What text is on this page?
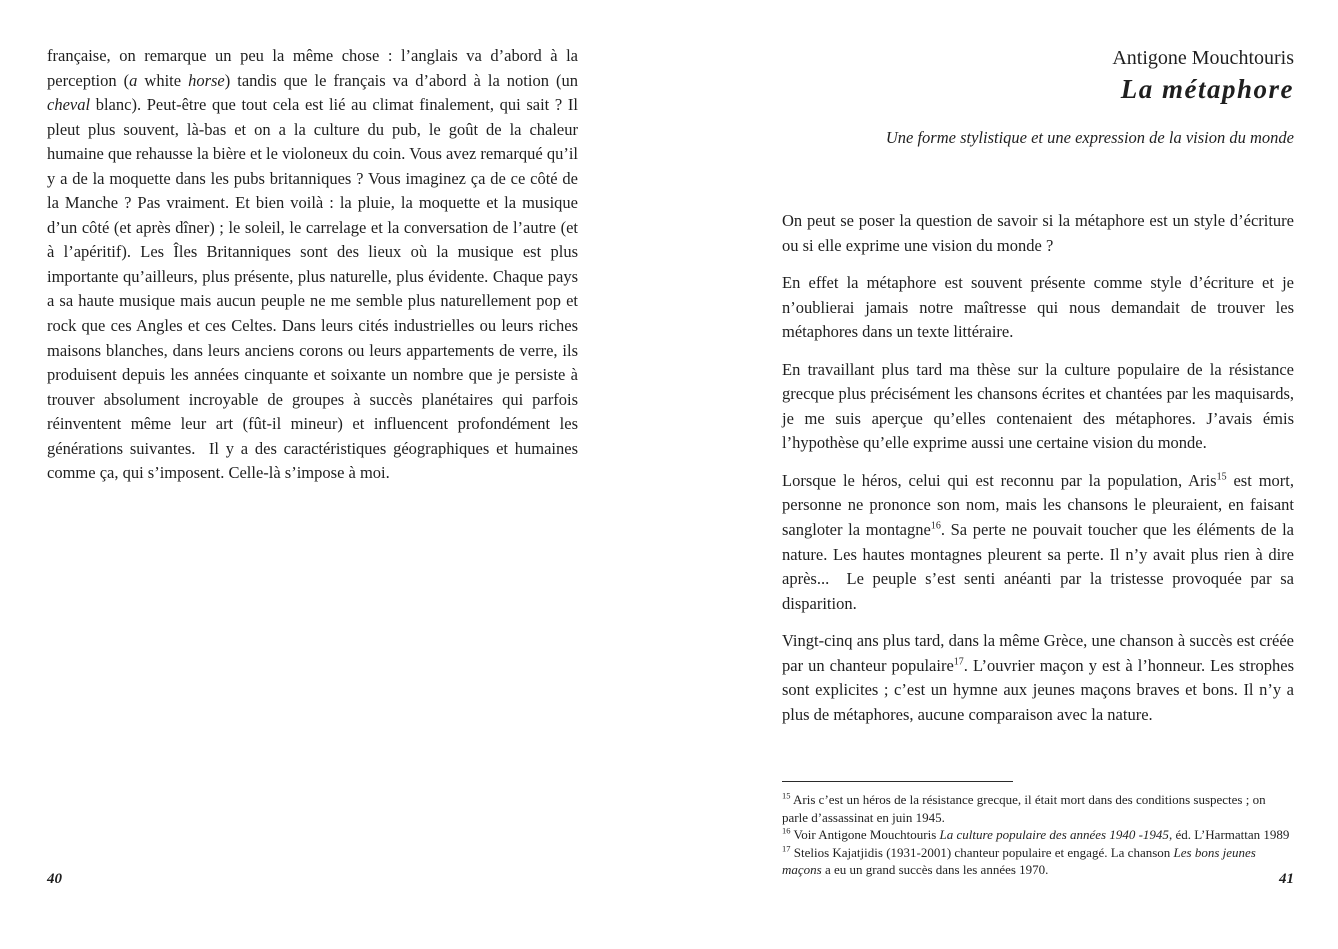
française, on remarque un peu la même chose : l’anglais va d’abord à la perception (a white horse) tandis que le français va d’abord à la notion (un cheval blanc). Peut-être que tout cela est lié au climat finalement, qui sait ? Il pleut plus souvent, là-bas et on a la culture du pub, le goût de la chaleur humaine que rehausse la bière et le violoneux du coin. Vous avez remarqué qu’il y a de la moquette dans les pubs britanniques ? Vous imaginez ça de ce côté de la Manche ? Pas vraiment. Et bien voilà : la pluie, la moquette et la musique d’un côté (et après dîner) ; le soleil, le carrelage et la conversation de l’autre (et à l’apéritif). Les Îles Britanniques sont des lieux où la musique est plus importante qu’ailleurs, plus présente, plus naturelle, plus évidente. Chaque pays a sa haute musique mais aucun peuple ne me semble plus naturellement pop et rock que ces Angles et ces Celtes. Dans leurs cités industrielles ou leurs riches maisons blanches, dans leurs anciens corons ou leurs appartements de verre, ils produisent depuis les années cinquante et soixante un nombre que je persiste à trouver absolument incroyable de groupes à succès planétaires qui parfois réinventent même leur art (fût-il mineur) et influencent profondément les générations suivantes.  Il y a des caractéristiques géographiques et humaines comme ça, qui s’imposent. Celle-là s’impose à moi.
40
Antigone Mouchtouris
La métaphore
Une forme stylistique et une expression de la vision du monde

On peut se poser la question de savoir si la métaphore est un style d’écriture ou si elle exprime une vision du monde ?

En effet la métaphore est souvent présente comme style d’écriture et je n’oublierai jamais notre maîtresse qui nous demandait de trouver les métaphores dans un texte littéraire.

En travaillant plus tard ma thèse sur la culture populaire de la résistance grecque plus précisément les chansons écrites et chantées par les maquisards, je me suis aperçue qu’elles contenaient des métaphores. J’avais émis l’hypothèse qu’elle exprime aussi une certaine vision du monde.

Lorsque le héros, celui qui est reconnu par la population, Aris$^{15}$ est mort, personne ne prononce son nom, mais les chansons le pleuraient, en faisant sangloter la montagne$^{16}$. Sa perte ne pouvait toucher que les éléments de la nature. Les hautes montagnes pleurent sa perte. Il n’y avait plus rien à dire après...  Le peuple s’est senti anéanti par la tristesse provoquée par sa disparition.

Vingt-cinq ans plus tard, dans la même Grèce, une chanson à succès est créée par un chanteur populaire$^{17}$. L’ouvrier maçon y est à l’honneur. Les strophes sont explicites ; c’est un hymne aux jeunes maçons braves et bons. Il n’y a plus de métaphores, aucune comparaison avec la nature.

$^{15}$ Aris c’est un héros de la résistance grecque, il était mort dans des conditions suspectes ; on parle d’assassinat en juin 1945.

$^{16}$ Voir Antigone Mouchtouris La culture populaire des années 1940 -1945, éd. L’Harmattan 1989

$^{17}$ Stelios Kajatjidis (1931-2001) chanteur populaire et engagé. La chanson Les bons jeunes maçons a eu un grand succès dans les années 1970.

41
